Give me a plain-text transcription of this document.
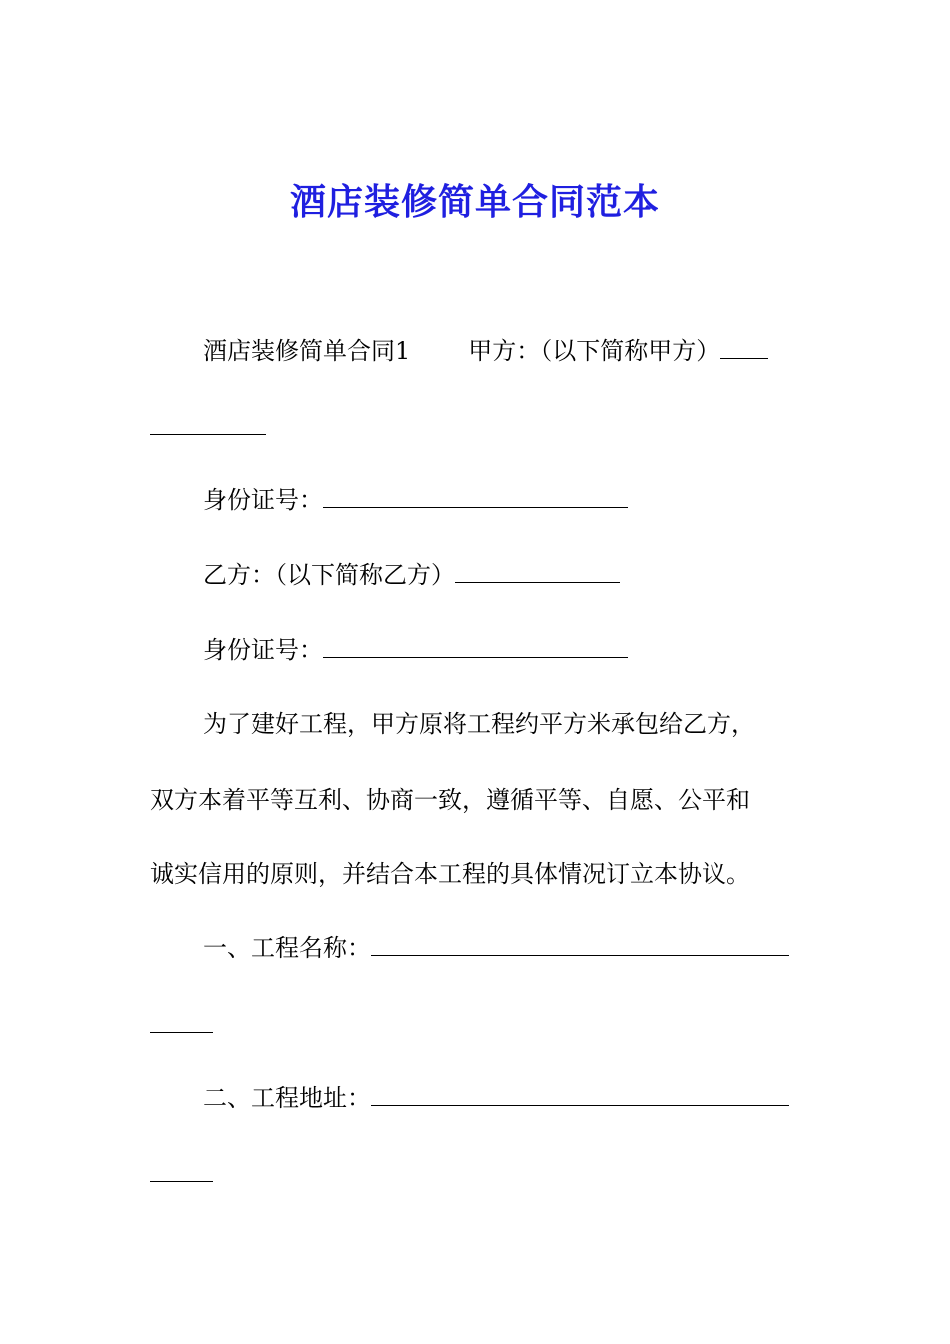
酒店装修简单合同范本
酒店装修简单合同1 甲方：（以下简称甲方）
身份证号：
乙方：（以下简称乙方）
身份证号：
为了建好工程，甲方原将工程约平方米承包给乙方，
双方本着平等互利、协商一致，遵循平等、自愿、公平和
诚实信用的原则，并结合本工程的具体情况订立本协议。
一、工程名称：
二、工程地址：
